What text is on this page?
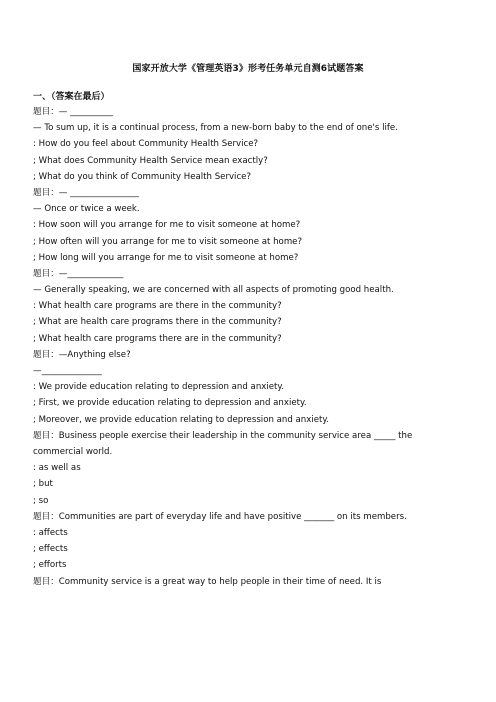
国家开放大学《管理英语3》形考任务单元自测6试题答案
一、（答案在最后）
题目：— __________
— To sum up, it is a continual process, from a new-born baby to the end of one's life.
: How do you feel about Community Health Service?
; What does Community Health Service mean exactly?
; What do you think of Community Health Service?
题目：— ________________
— Once or twice a week.
: How soon will you arrange for me to visit someone at home?
; How often will you arrange for me to visit someone at home?
; How long will you arrange for me to visit someone at home?
题目：—_____________
— Generally speaking, we are concerned with all aspects of promoting good health.
: What health care programs are there in the community?
; What are health care programs there in the community?
; What health care programs there are in the community?
题目：—Anything else?
—______________
: We provide education relating to depression and anxiety.
; First, we provide education relating to depression and anxiety.
; Moreover, we provide education relating to depression and anxiety.
题目：Business people exercise their leadership in the community service area _____ the commercial world.
: as well as
; but
; so
题目：Communities are part of everyday life and have positive _______ on its members.
: affects
; effects
; efforts
题目：Community service is a great way to help people in their time of need. It is
